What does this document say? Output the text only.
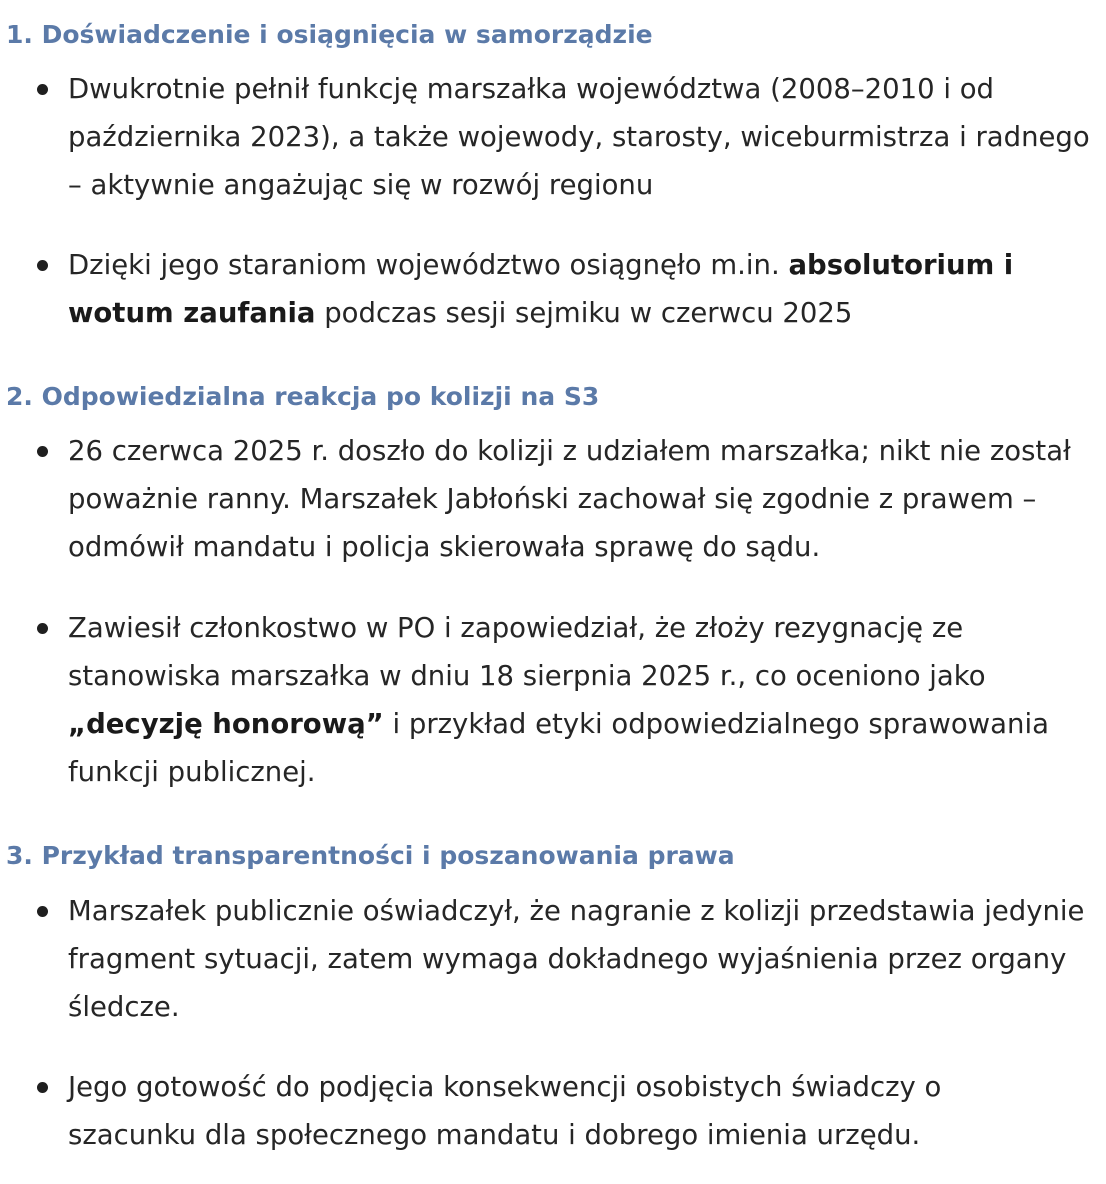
1. Doświadczenie i osiągnięcia w samorządzie

Dwukrotnie pełnił funkcję marszałka województwa (2008–2010 i od
października 2023), a także wojewody, starosty, wiceburmistrza i radnego
– aktywnie angażując się w rozwój regionu

Dzięki jego staraniom województwo osiągnęło m.in. absolutorium i
wotum zaufania podczas sesji sejmiku w czerwcu 2025

2. Odpowiedzialna reakcja po kolizji na S3

26 czerwca 2025 r. doszło do kolizji z udziałem marszałka; nikt nie został
poważnie ranny. Marszałek Jabłoński zachował się zgodnie z prawem –
odmówił mandatu i policja skierowała sprawę do sądu.

Zawiesił członkostwo w PO i zapowiedział, że złoży rezygnację ze
stanowiska marszałka w dniu 18 sierpnia 2025 r., co oceniono jako
„decyzję honorową” i przykład etyki odpowiedzialnego sprawowania
funkcji publicznej.

3. Przykład transparentności i poszanowania prawa

Marszałek publicznie oświadczył, że nagranie z kolizji przedstawia jedynie
fragment sytuacji, zatem wymaga dokładnego wyjaśnienia przez organy
śledcze.

Jego gotowość do podjęcia konsekwencji osobistych świadczy o
szacunku dla społecznego mandatu i dobrego imienia urzędu.
